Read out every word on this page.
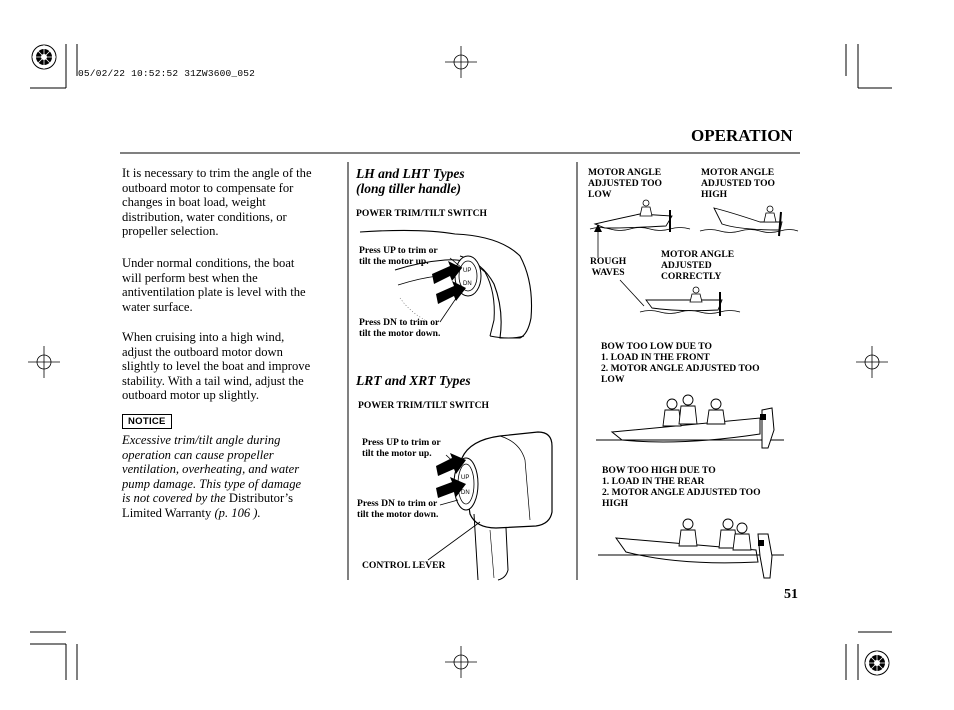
05/02/22 10:52:52 31ZW3600_052
OPERATION
51
It is necessary to trim the angle of the
outboard motor to compensate for
changes in boat load, weight
distribution, water conditions, or
propeller selection.
Under normal conditions, the boat
will perform best when the
antiventilation plate is level with the
water surface.
When cruising into a high wind,
adjust the outboard motor down
slightly to level the boat and improve
stability. With a tail wind, adjust the
outboard motor up slightly.
NOTICE
Excessive trim/tilt angle during
operation can cause propeller
ventilation, overheating, and water
pump damage. This type of damage
is not covered by the Distributor’s
Limited Warranty (p. 106 ).
LH and LHT Types
(long tiller handle)
POWER TRIM/TILT SWITCH
UP
DN
Press UP to trim or
tilt the motor up.
Press DN to trim or
tilt the motor down.
LRT and XRT Types
POWER TRIM/TILT SWITCH
UP
DN
Press UP to trim or
tilt the motor up.
Press DN to trim or
tilt the motor down.
CONTROL LEVER
MOTOR ANGLE
ADJUSTED TOO
LOW
MOTOR ANGLE
ADJUSTED TOO
HIGH
ROUGH
WAVES
MOTOR ANGLE
ADJUSTED
CORRECTLY
BOW TOO LOW DUE TO
1. LOAD IN THE FRONT
2. MOTOR ANGLE ADJUSTED TOO
LOW
BOW TOO HIGH DUE TO
1. LOAD IN THE REAR
2. MOTOR ANGLE ADJUSTED TOO
HIGH
